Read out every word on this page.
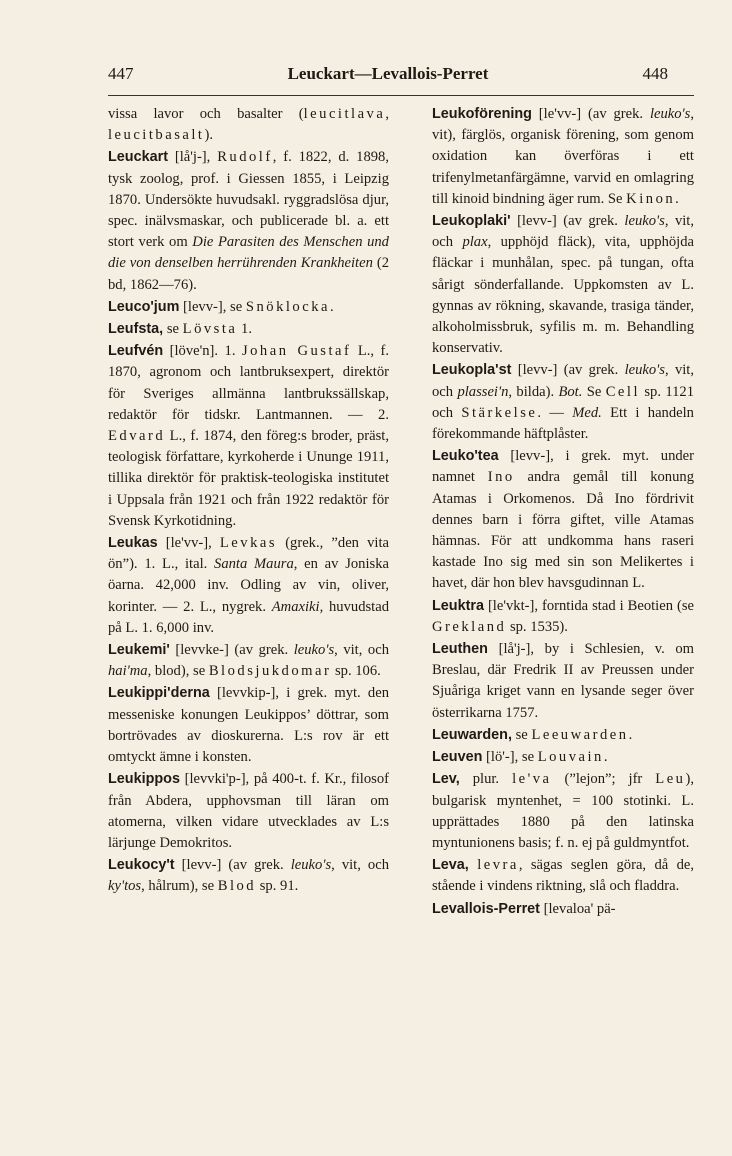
447	Leuckart—Levallois-Perret	448

vissa lavor och basalter (leucitlava, leucitbasalt).

Leuckart [lå'j-], Rudolf, f. 1822, d. 1898, tysk zoolog, prof. i Giessen 1855, i Leipzig 1870. Undersökte huvudsakl. ryggradslösa djur, spec. inälvsmaskar, och publicerade bl. a. ett stort verk om Die Parasiten des Menschen und die von denselben herrührenden Krankheiten (2 bd, 1862—76).

Leuco'jum [levv-], se Snöklocka.

Leufsta, se Lövsta 1.

Leufvén [löve'n]. 1. Johan Gustaf L., f. 1870, agronom och lantbruksexpert, direktör för Sveriges allmänna lantbrukssällskap, redaktör för tidskr. Lantmannen. — 2. Edvard L., f. 1874, den föreg:s broder, präst, teologisk författare, kyrkoherde i Ununge 1911, tillika direktör för praktisk-teologiska institutet i Uppsala från 1921 och från 1922 redaktör för Svensk Kyrkotidning.

Leukas [le'vv-], Levkas (grek., ”den vita ön”). 1. L., ital. Santa Maura, en av Joniska öarna. 42,000 inv. Odling av vin, oliver, korinter. — 2. L., nygrek. Amaxiki, huvudstad på L. 1. 6,000 inv.

Leukemi' [levvke-] (av grek. leuko's, vit, och hai'ma, blod), se Blodsjukdomar sp. 106.

Leukippi'derna [levvkip-], i grek. myt. den messeniske konungen Leukippos’ döttrar, som bortrövades av dioskurerna. L:s rov är ett omtyckt ämne i konsten.

Leukippos [levvki'p-], på 400-t. f. Kr., filosof från Abdera, upphovsman till läran om atomerna, vilken vidare utvecklades av L:s lärjunge Demokritos.

Leukocy't [levv-] (av grek. leuko's, vit, och ky'tos, hålrum), se Blod sp. 91.

Leukoförening [le'vv-] (av grek. leuko's, vit), färglös, organisk förening, som genom oxidation kan överföras i ett trifenylmetanfärgämne, varvid en omlagring till kinoid bindning äger rum. Se Kinon.

Leukoplaki' [levv-] (av grek. leuko's, vit, och plax, upphöjd fläck), vita, upphöjda fläckar i munhålan, spec. på tungan, ofta sårigt sönderfallande. Uppkomsten av L. gynnas av rökning, skavande, trasiga tänder, alkoholmissbruk, syfilis m. m. Behandling konservativ.

Leukopla'st [levv-] (av grek. leuko's, vit, och plassei'n, bilda). Bot. Se Cell sp. 1121 och Stärkelse. — Med. Ett i handeln förekommande häftplåster.

Leuko'tea [levv-], i grek. myt. under namnet Ino andra gemål till konung Atamas i Orkomenos. Då Ino fördrivit dennes barn i förra giftet, ville Atamas hämnas. För att undkomma hans raseri kastade Ino sig med sin son Melikertes i havet, där hon blev havsgudinnan L.

Leuktra [le'vkt-], forntida stad i Beotien (se Grekland sp. 1535).

Leuthen [lå'j-], by i Schlesien, v. om Breslau, där Fredrik II av Preussen under Sjuåriga kriget vann en lysande seger över österrikarna 1757.

Leuwarden, se Leeuwarden.

Leuven [lö'-], se Louvain.

Lev, plur. le'va (”lejon”; jfr Leu), bulgarisk myntenhet, = 100 stotinki. L. upprättades 1880 på den latinska myntunionens basis; f. n. ej på guldmyntfot.

Leva, levra, sägas seglen göra, då de, stående i vindens riktning, slå och fladdra.

Levallois-Perret [lеvaloa' pä-
